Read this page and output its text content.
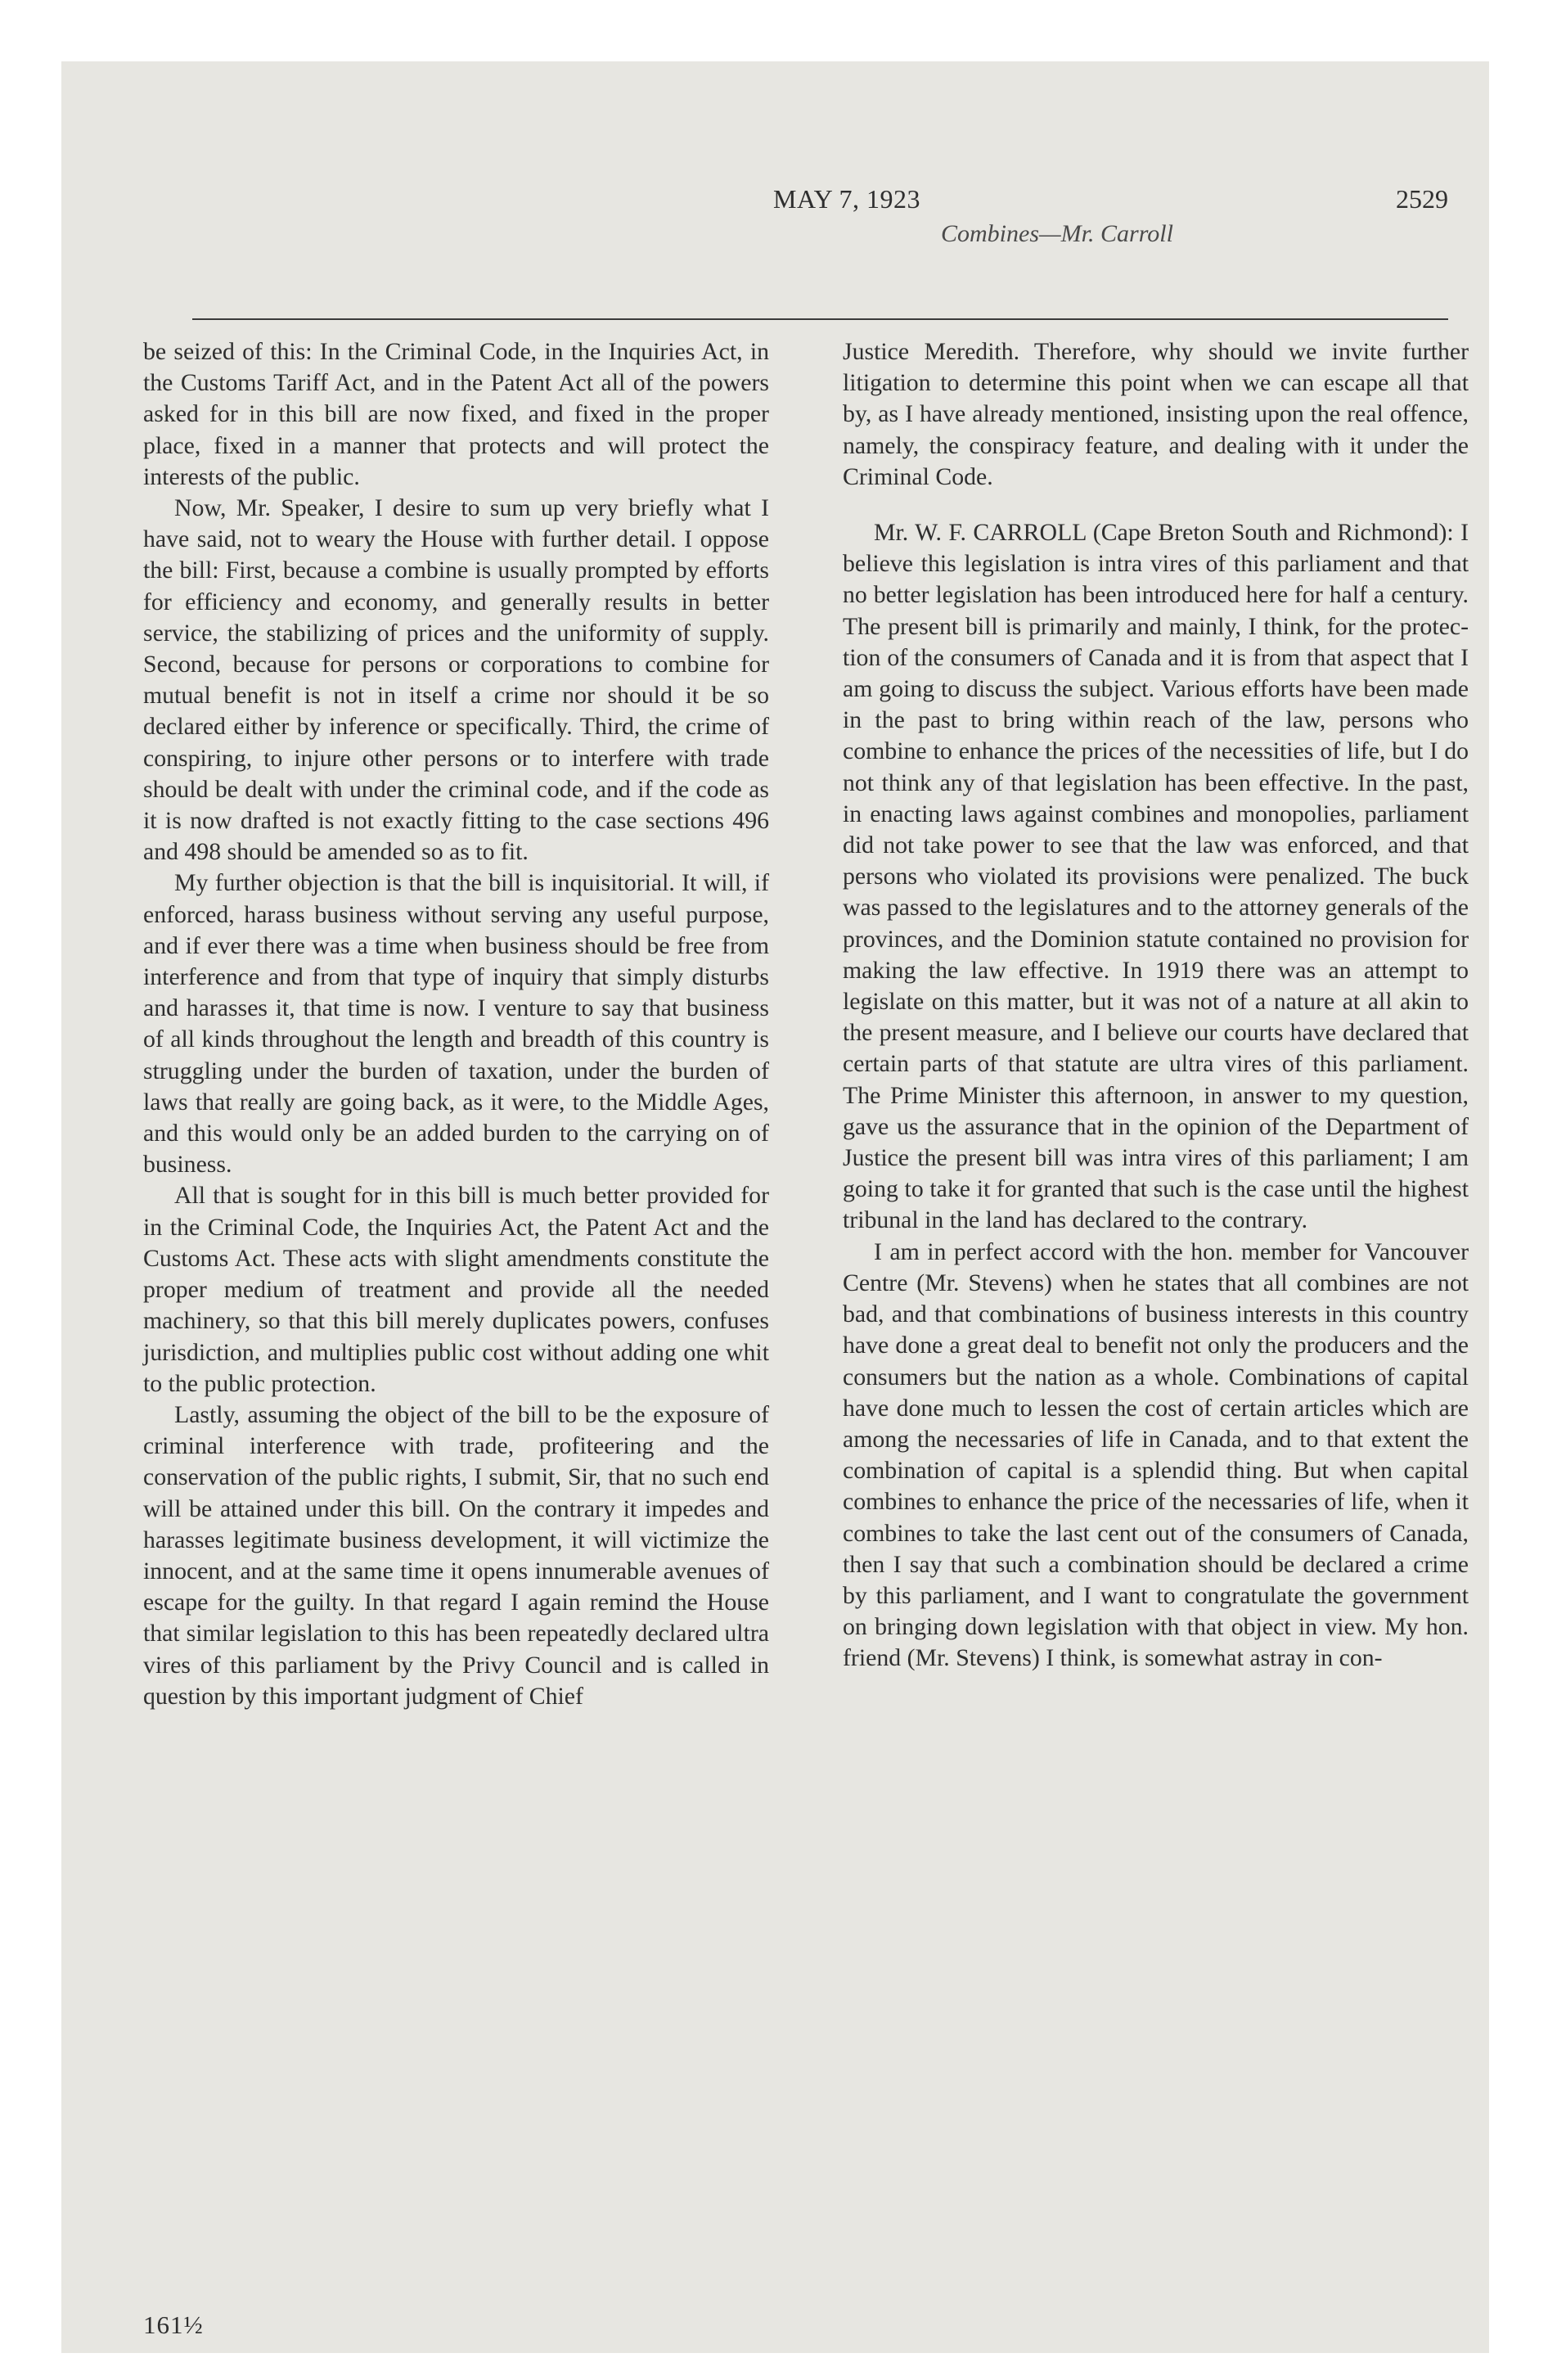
MAY 7, 1923
Combines—Mr. Carroll
2529

be seized of this: In the Criminal Code, in the Inquiries Act, in the Customs Tariff Act, and in the Patent Act all of the powers asked for in this bill are now fixed, and fixed in the proper place, fixed in a manner that protects and will protect the interests of the public.

Now, Mr. Speaker, I desire to sum up very briefly what I have said, not to weary the House with further detail. I oppose the bill: First, because a combine is usually prompted by efforts for efficiency and economy, and generally results in better service, the stabilizing of prices and the uniformity of supply. Second, because for persons or corporations to combine for mutual benefit is not in itself a crime nor should it be so declared either by inference or specifically. Third, the crime of conspiring, to injure other persons or to interfere with trade should be dealt with under the criminal code, and if the code as it is now drafted is not exactly fitting to the case sections 496 and 498 should be amended so as to fit.

My further objection is that the bill is inquisitorial. It will, if enforced, harass business without serving any useful purpose, and if ever there was a time when business should be free from interference and from that type of inquiry that simply disturbs and harasses it, that time is now. I venture to say that business of all kinds throughout the length and breadth of this country is struggling under the burden of taxation, under the burden of laws that really are going back, as it were, to the Middle Ages, and this would only be an added burden to the carrying on of business.

All that is sought for in this bill is much better provided for in the Criminal Code, the Inquiries Act, the Patent Act and the Customs Act. These acts with slight amendments constitute the proper medium of treatment and provide all the needed machinery, so that this bill merely duplicates powers, confuses jurisdiction, and multiplies public cost without adding one whit to the public protection.

Lastly, assuming the object of the bill to be the exposure of criminal interference with trade, profiteering and the conservation of the public rights, I submit, Sir, that no such end will be attained under this bill. On the contrary it impedes and harasses legitimate business development, it will victimize the innocent, and at the same time it opens innumerable avenues of escape for the guilty. In that regard I again remind the House that similar legislation to this has been repeatedly declared ultra vires of this parliament by the Privy Council and is called in question by this important judgment of Chief

Justice Meredith. Therefore, why should we invite further litigation to determine this point when we can escape all that by, as I have already mentioned, insisting upon the real offence, namely, the conspiracy feature, and dealing with it under the Criminal Code.

Mr. W. F. CARROLL (Cape Breton South and Richmond): I believe this legislation is intra vires of this parliament and that no better legislation has been introduced here for half a century. The present bill is primarily and mainly, I think, for the protection of the consumers of Canada and it is from that aspect that I am going to discuss the subject. Various efforts have been made in the past to bring within reach of the law, persons who combine to enhance the prices of the necessities of life, but I do not think any of that legislation has been effective. In the past, in enacting laws against combines and monopolies, parliament did not take power to see that the law was enforced, and that persons who violated its provisions were penalized. The buck was passed to the legislatures and to the attorney generals of the provinces, and the Dominion statute contained no provision for making the law effective. In 1919 there was an attempt to legislate on this matter, but it was not of a nature at all akin to the present measure, and I believe our courts have declared that certain parts of that statute are ultra vires of this parliament. The Prime Minister this afternoon, in answer to my question, gave us the assurance that in the opinion of the Department of Justice the present bill was intra vires of this parliament; I am going to take it for granted that such is the case until the highest tribunal in the land has declared to the contrary.

I am in perfect accord with the hon. member for Vancouver Centre (Mr. Stevens) when he states that all combines are not bad, and that combinations of business interests in this country have done a great deal to benefit not only the producers and the consumers but the nation as a whole. Combinations of capital have done much to lessen the cost of certain articles which are among the necessaries of life in Canada, and to that extent the combination of capital is a splendid thing. But when capital combines to enhance the price of the necessaries of life, when it combines to take the last cent out of the consumers of Canada, then I say that such a combination should be declared a crime by this parliament, and I want to congratulate the government on bringing down legislation with that object in view. My hon. friend (Mr. Stevens) I think, is somewhat astray in con-

161½
